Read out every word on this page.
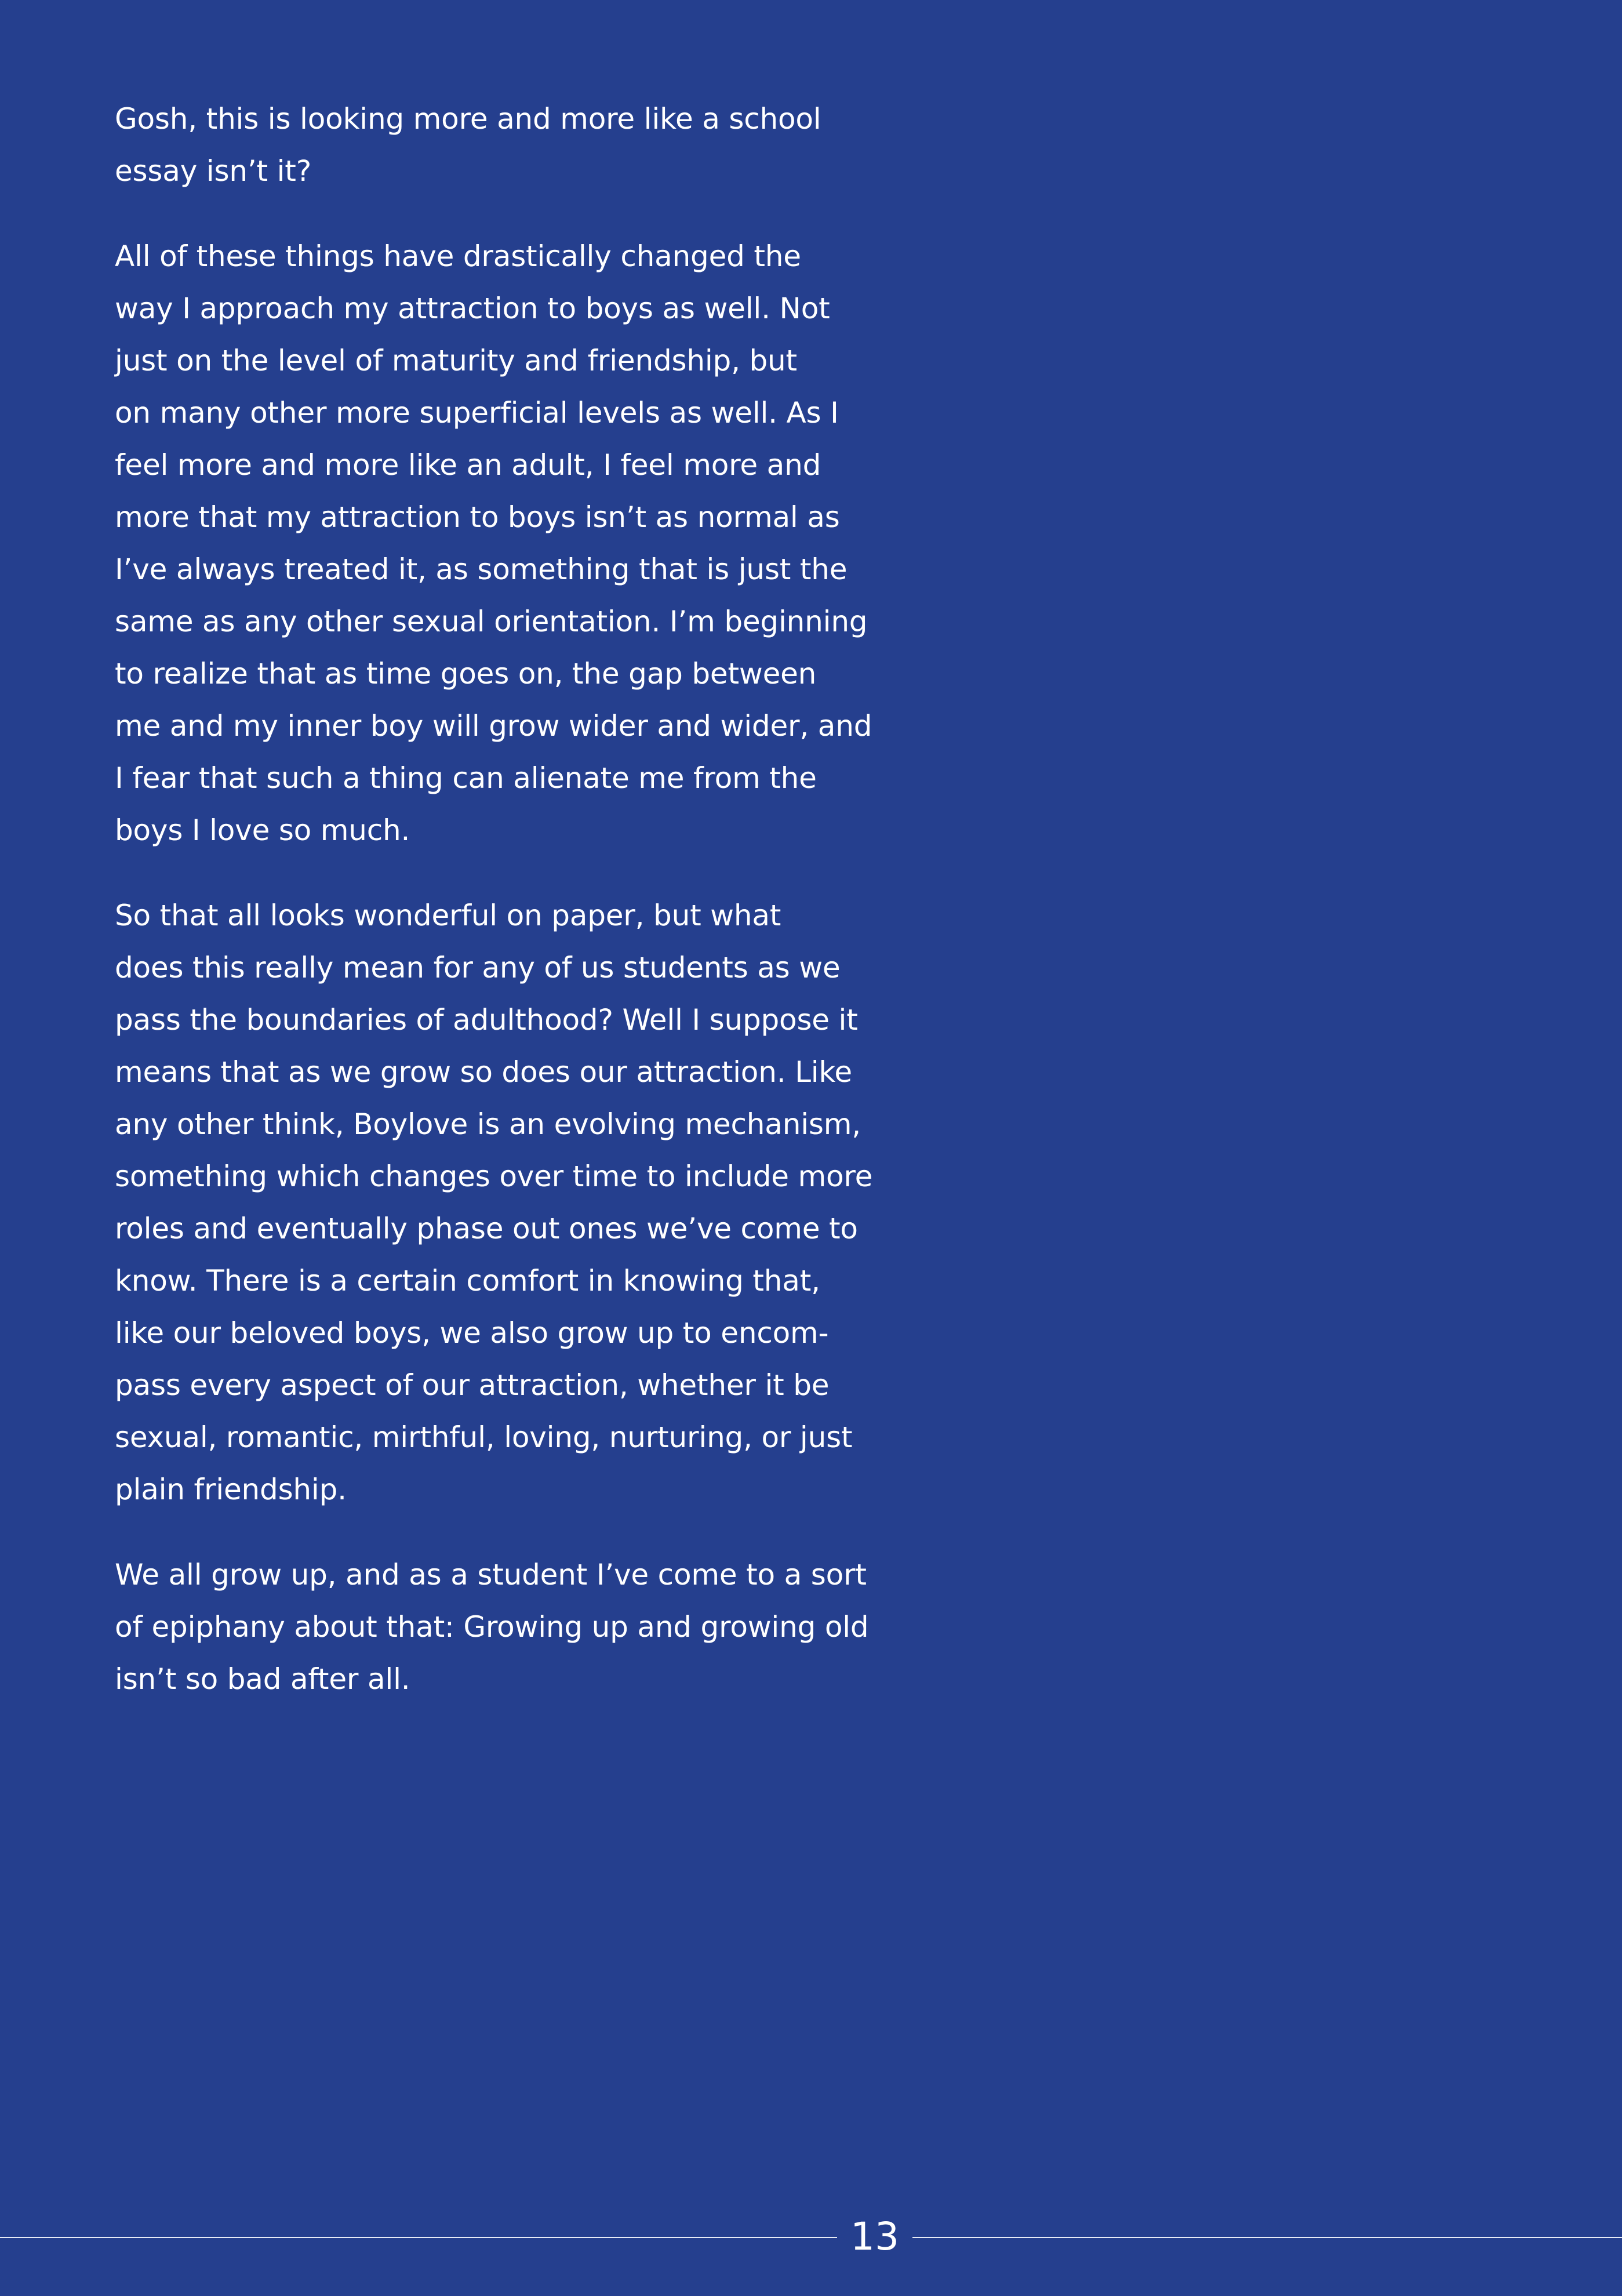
Gosh, this is looking more and more like a school
essay isn’t it?
All of these things have drastically changed the
way I approach my attraction to boys as well. Not
just on the level of maturity and friendship, but
on many other more superficial levels as well. As I
feel more and more like an adult, I feel more and
more that my attraction to boys isn’t as normal as
I’ve always treated it, as something that is just the
same as any other sexual orientation. I’m beginning
to realize that as time goes on, the gap between
me and my inner boy will grow wider and wider, and
I fear that such a thing can alienate me from the
boys I love so much.
So that all looks wonderful on paper, but what
does this really mean for any of us students as we
pass the boundaries of adulthood? Well I suppose it
means that as we grow so does our attraction. Like
any other think, Boylove is an evolving mechanism,
something which changes over time to include more
roles and eventually phase out ones we’ve come to
know. There is a certain comfort in knowing that,
like our beloved boys, we also grow up to encom-
pass every aspect of our attraction, whether it be
sexual, romantic, mirthful, loving, nurturing, or just
plain friendship.
We all grow up, and as a student I’ve come to a sort
of epiphany about that: Growing up and growing old
isn’t so bad after all.
13
